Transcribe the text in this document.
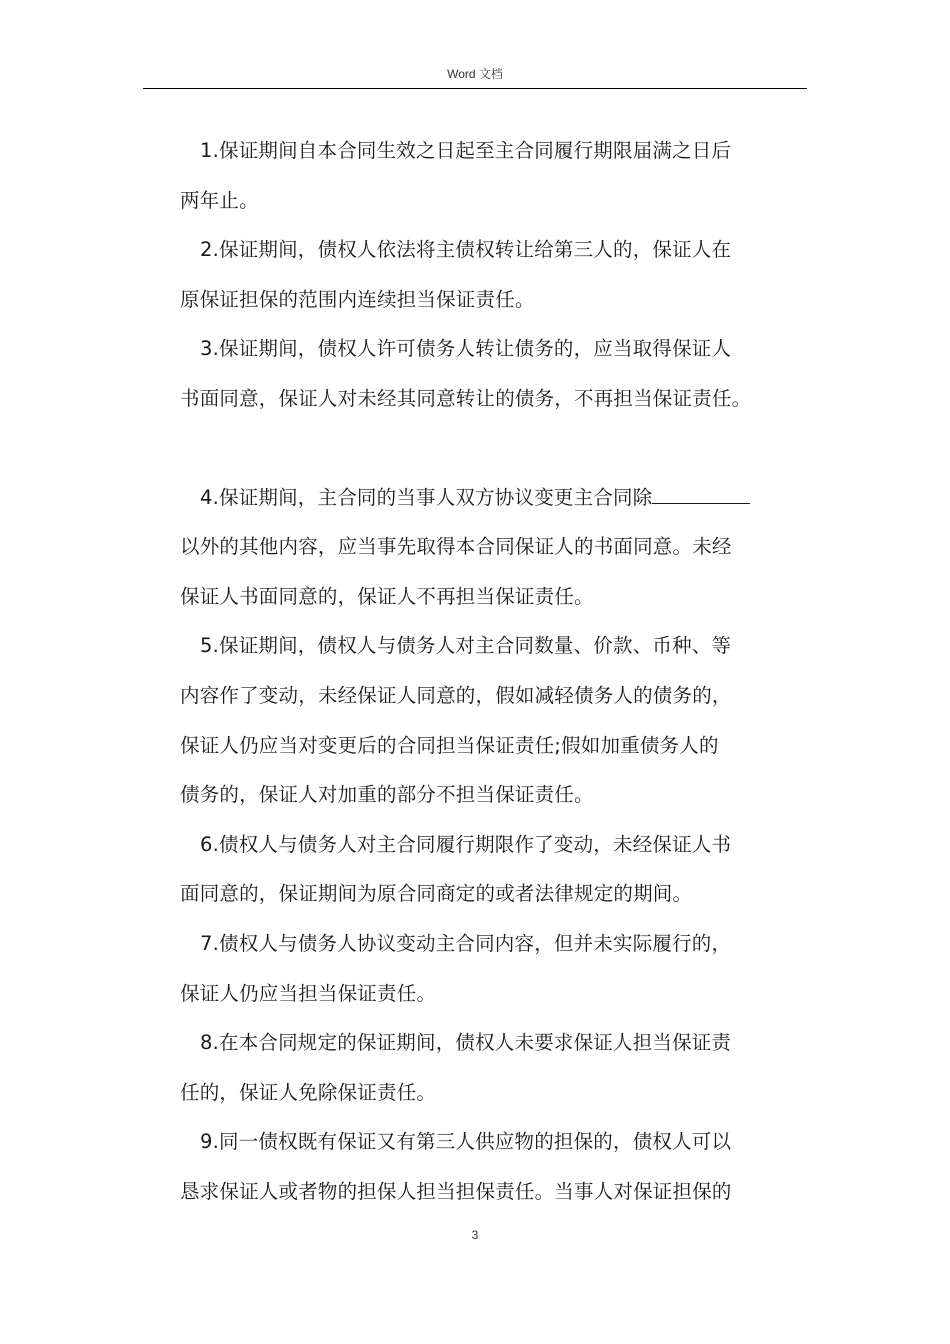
Word 文档

1.保证期间自本合同生效之日起至主合同履行期限届满之日后

两年止。

2.保证期间，债权人依法将主债权转让给第三人的，保证人在

原保证担保的范围内连续担当保证责任。

3.保证期间，债权人许可债务人转让债务的，应当取得保证人

书面同意，保证人对未经其同意转让的债务，不再担当保证责任。

4.保证期间，主合同的当事人双方协议变更主合同除

以外的其他内容，应当事先取得本合同保证人的书面同意。未经

保证人书面同意的，保证人不再担当保证责任。

5.保证期间，债权人与债务人对主合同数量、价款、币种、等

内容作了变动，未经保证人同意的，假如减轻债务人的债务的，

保证人仍应当对变更后的合同担当保证责任;假如加重债务人的

债务的，保证人对加重的部分不担当保证责任。

6.债权人与债务人对主合同履行期限作了变动，未经保证人书

面同意的，保证期间为原合同商定的或者法律规定的期间。

7.债权人与债务人协议变动主合同内容，但并未实际履行的，

保证人仍应当担当保证责任。

8.在本合同规定的保证期间，债权人未要求保证人担当保证责

任的，保证人免除保证责任。

9.同一债权既有保证又有第三人供应物的担保的，债权人可以

恳求保证人或者物的担保人担当担保责任。当事人对保证担保的

3
